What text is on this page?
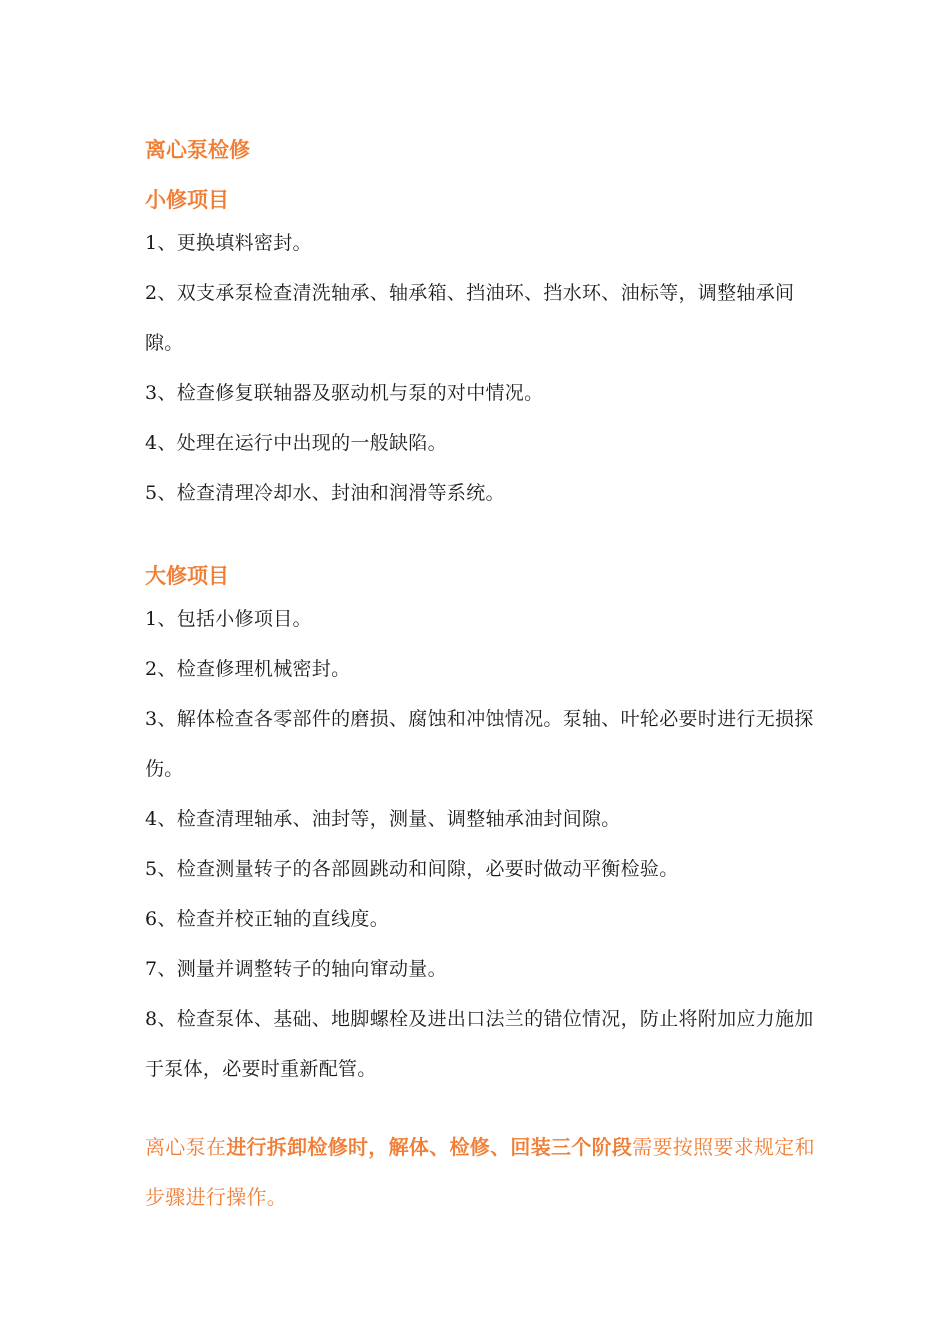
离心泵检修
小修项目

1、更换填料密封。

2、双支承泵检查清洗轴承、轴承箱、挡油环、挡水环、油标等，调整轴承间隙。

3、检查修复联轴器及驱动机与泵的对中情况。

4、处理在运行中出现的一般缺陷。

5、检查清理冷却水、封油和润滑等系统。

大修项目

1、包括小修项目。

2、检查修理机械密封。

3、解体检查各零部件的磨损、腐蚀和冲蚀情况。泵轴、叶轮必要时进行无损探伤。

4、检查清理轴承、油封等，测量、调整轴承油封间隙。

5、检查测量转子的各部圆跳动和间隙，必要时做动平衡检验。

6、检查并校正轴的直线度。

7、测量并调整转子的轴向窜动量。

8、检查泵体、基础、地脚螺栓及进出口法兰的错位情况，防止将附加应力施加于泵体，必要时重新配管。

离心泵在进行拆卸检修时，解体、检修、回装三个阶段需要按照要求规定和步骤进行操作。
